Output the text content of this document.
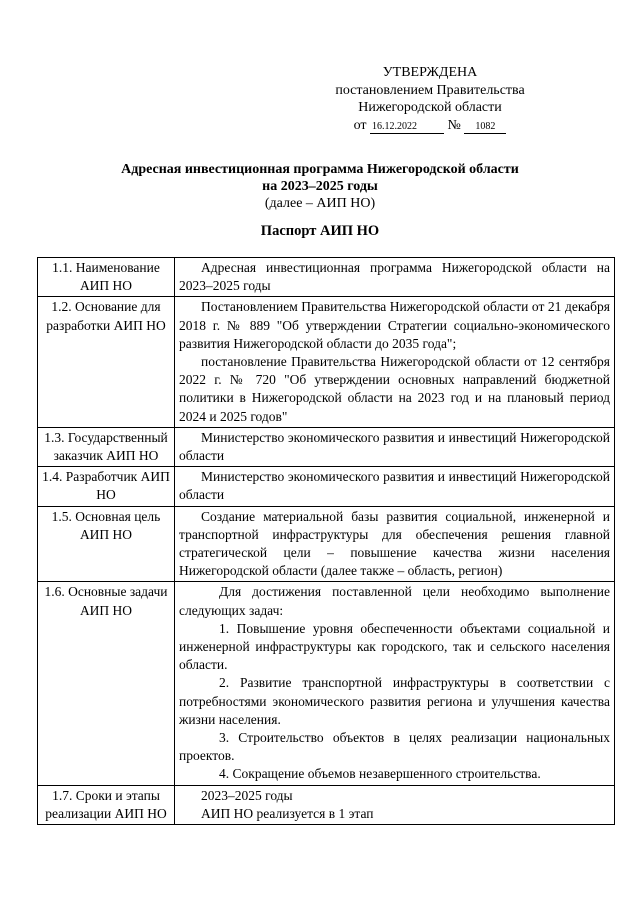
УТВЕРЖДЕНА
постановлением Правительства
Нижегородской области
от 16.12.2022 № 1082
Адресная инвестиционная программа Нижегородской области
на 2023–2025 годы
(далее – АИП НО)
Паспорт АИП НО
1.1. Наименование АИП НО	Адресная инвестиционная программа Нижегородской области на 2023–2025 годы

1.2. Основание для разработки АИП НО	Постановлением Правительства Нижегородской области от 21 декабря 2018 г. № 889 "Об утверждении Стратегии социально-экономического развития Нижегородской области до 2035 года";

постановление Правительства Нижегородской области от 12 сентября 2022 г. № 720 "Об утверждении основных направлений бюджетной политики в Нижегородской области на 2023 год и на плановый период 2024 и 2025 годов"

1.3. Государственный заказчик АИП НО	Министерство экономического развития и инвестиций Нижегородской области

1.4. Разработчик АИП НО	Министерство экономического развития и инвестиций Нижегородской области

1.5. Основная цель АИП НО	Создание материальной базы развития социальной, инженерной и транспортной инфраструктуры для обеспечения решения главной стратегической цели – повышение качества жизни населения Нижегородской области (далее также – область, регион)

1.6. Основные задачи АИП НО	Для достижения поставленной цели необходимо выполнение следующих задач:

1. Повышение уровня обеспеченности объектами социальной и инженерной инфраструктуры как городского, так и сельского населения области.

2. Развитие транспортной инфраструктуры в соответствии с потребностями экономического развития региона и улучшения качества жизни населения.

3. Строительство объектов в целях реализации национальных проектов.

4. Сокращение объемов незавершенного строительства.

1.7. Сроки и этапы реализации АИП НО	2023–2025 годы

АИП НО реализуется в 1 этап
